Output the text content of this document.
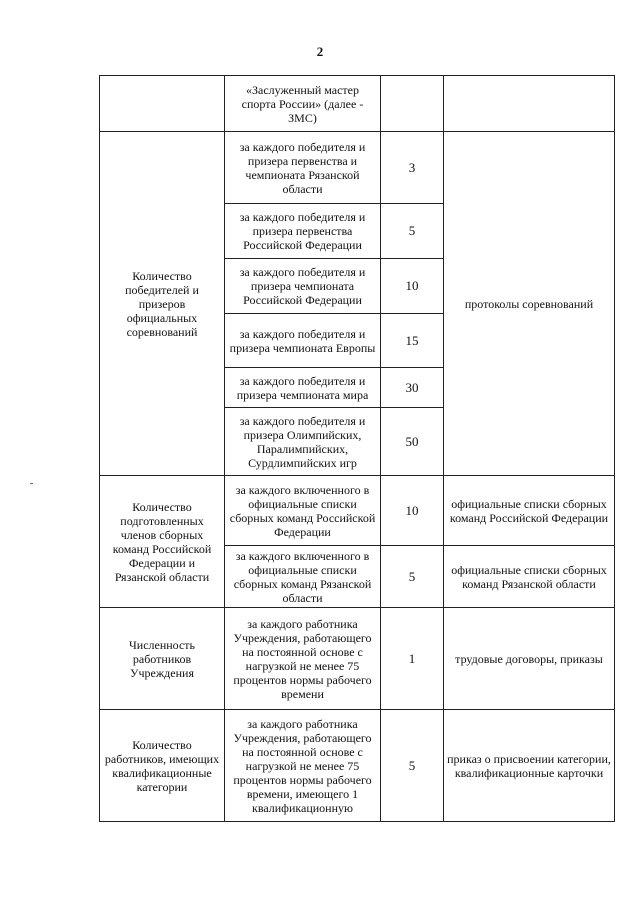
2
	«Заслуженный мастер спорта России» (далее - ЗМС)		
Количество победителей и призеров официальных соревнований	за каждого победителя и призера первенства и чемпионата Рязанской области	3	протоколы соревнований
	за каждого победителя и призера первенства Российской Федерации	5	
	за каждого победителя и призера чемпионата Российской Федерации	10	
	за каждого победителя и призера чемпионата Европы	15	
	за каждого победителя и призера чемпионата мира	30	
	за каждого победителя и призера Олимпийских, Паралимпийских, Сурдлимпийских игр	50	
Количество подготовленных членов сборных команд Российской Федерации и Рязанской области	за каждого включенного в официальные списки сборных команд Российской Федерации	10	официальные списки сборных команд Российской Федерации
	за каждого включенного в официальные списки сборных команд Рязанской области	5	официальные списки сборных команд Рязанской области
Численность работников Учреждения	за каждого работника Учреждения, работающего на постоянной основе с нагрузкой не менее 75 процентов нормы рабочего времени	1	трудовые договоры, приказы
Количество работников, имеющих квалификационные категории	за каждого работника Учреждения, работающего на постоянной основе с нагрузкой не менее 75 процентов нормы рабочего времени, имеющего 1 квалификационную	5	приказ о присвоении категории, квалификационные карточки
